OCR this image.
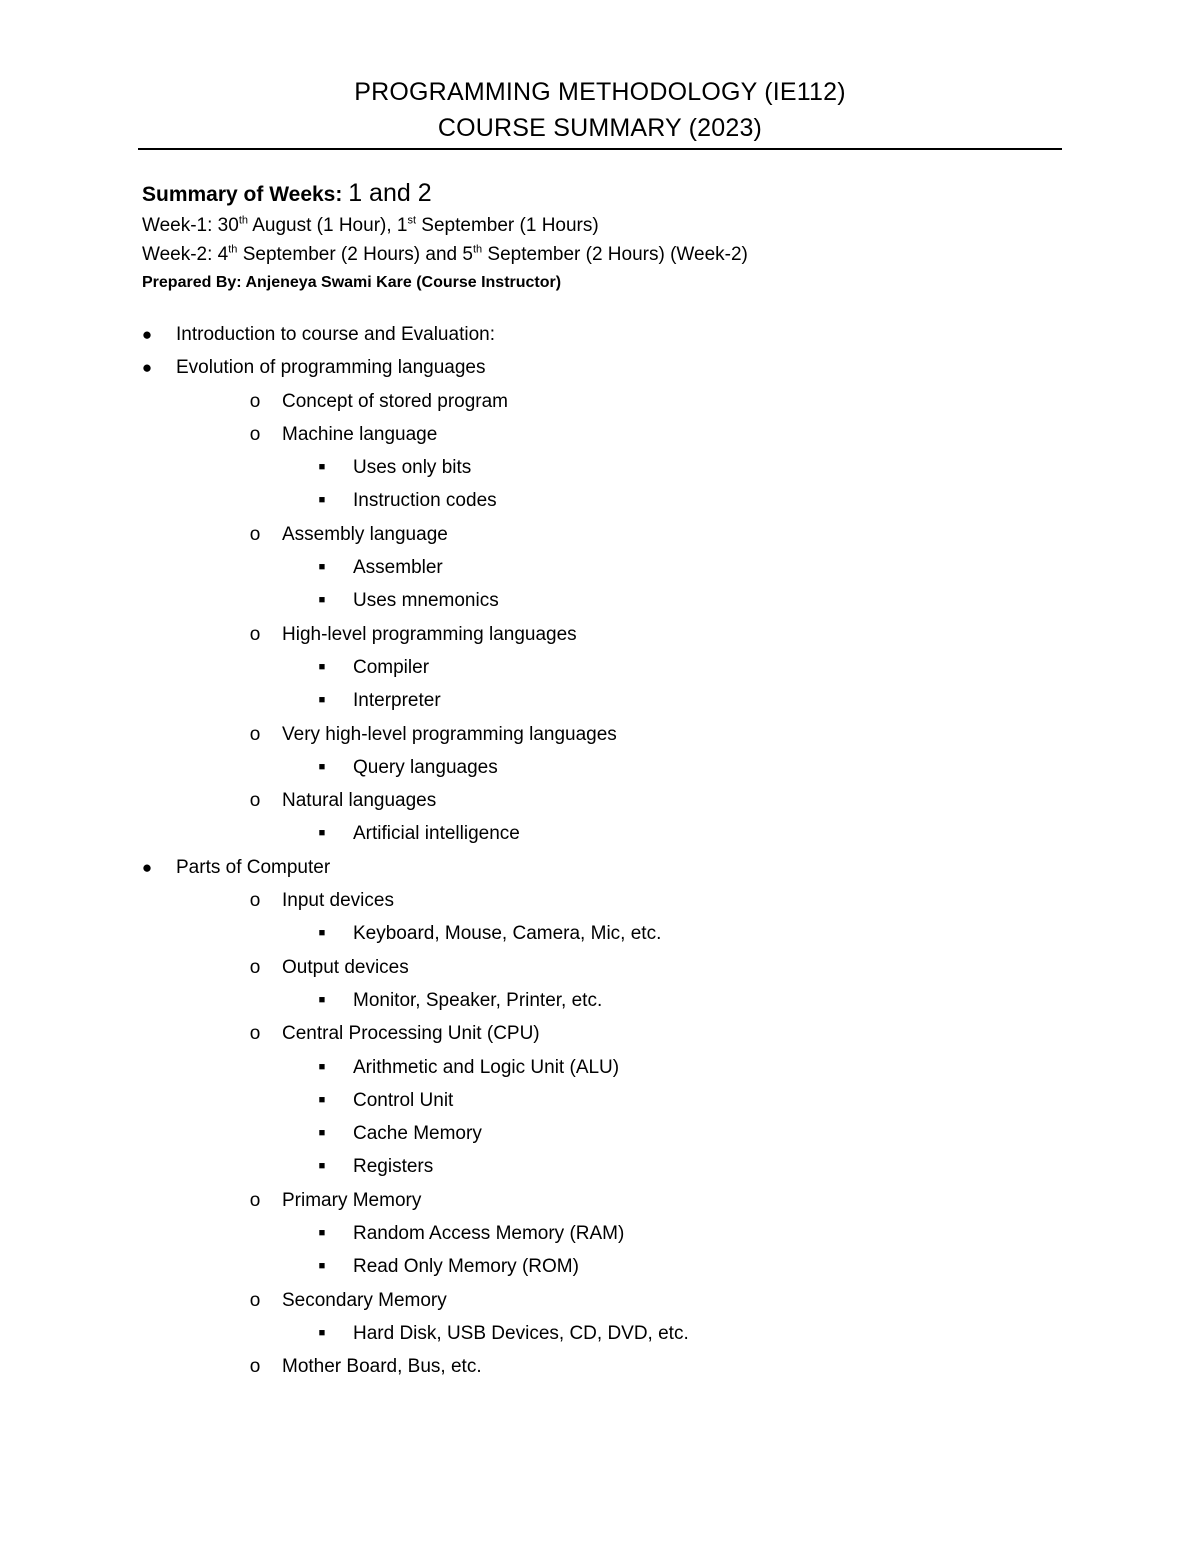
PROGRAMMING METHODOLOGY (IE112)
COURSE SUMMARY (2023)
Summary of Weeks: 1 and 2
Week-1: 30th August (1 Hour), 1st September (1 Hours)
Week-2: 4th September (2 Hours) and 5th September (2 Hours) (Week-2)
Prepared By: Anjeneya Swami Kare (Course Instructor)
● Introduction to course and Evaluation:
● Evolution of programming languages
o Concept of stored program
o Machine language
■ Uses only bits
■ Instruction codes
o Assembly language
■ Assembler
■ Uses mnemonics
o High-level programming languages
■ Compiler
■ Interpreter
o Very high-level programming languages
■ Query languages
o Natural languages
■ Artificial intelligence
● Parts of Computer
o Input devices
■ Keyboard, Mouse, Camera, Mic, etc.
o Output devices
■ Monitor, Speaker, Printer, etc.
o Central Processing Unit (CPU)
■ Arithmetic and Logic Unit (ALU)
■ Control Unit
■ Cache Memory
■ Registers
o Primary Memory
■ Random Access Memory (RAM)
■ Read Only Memory (ROM)
o Secondary Memory
■ Hard Disk, USB Devices, CD, DVD, etc.
o Mother Board, Bus, etc.
